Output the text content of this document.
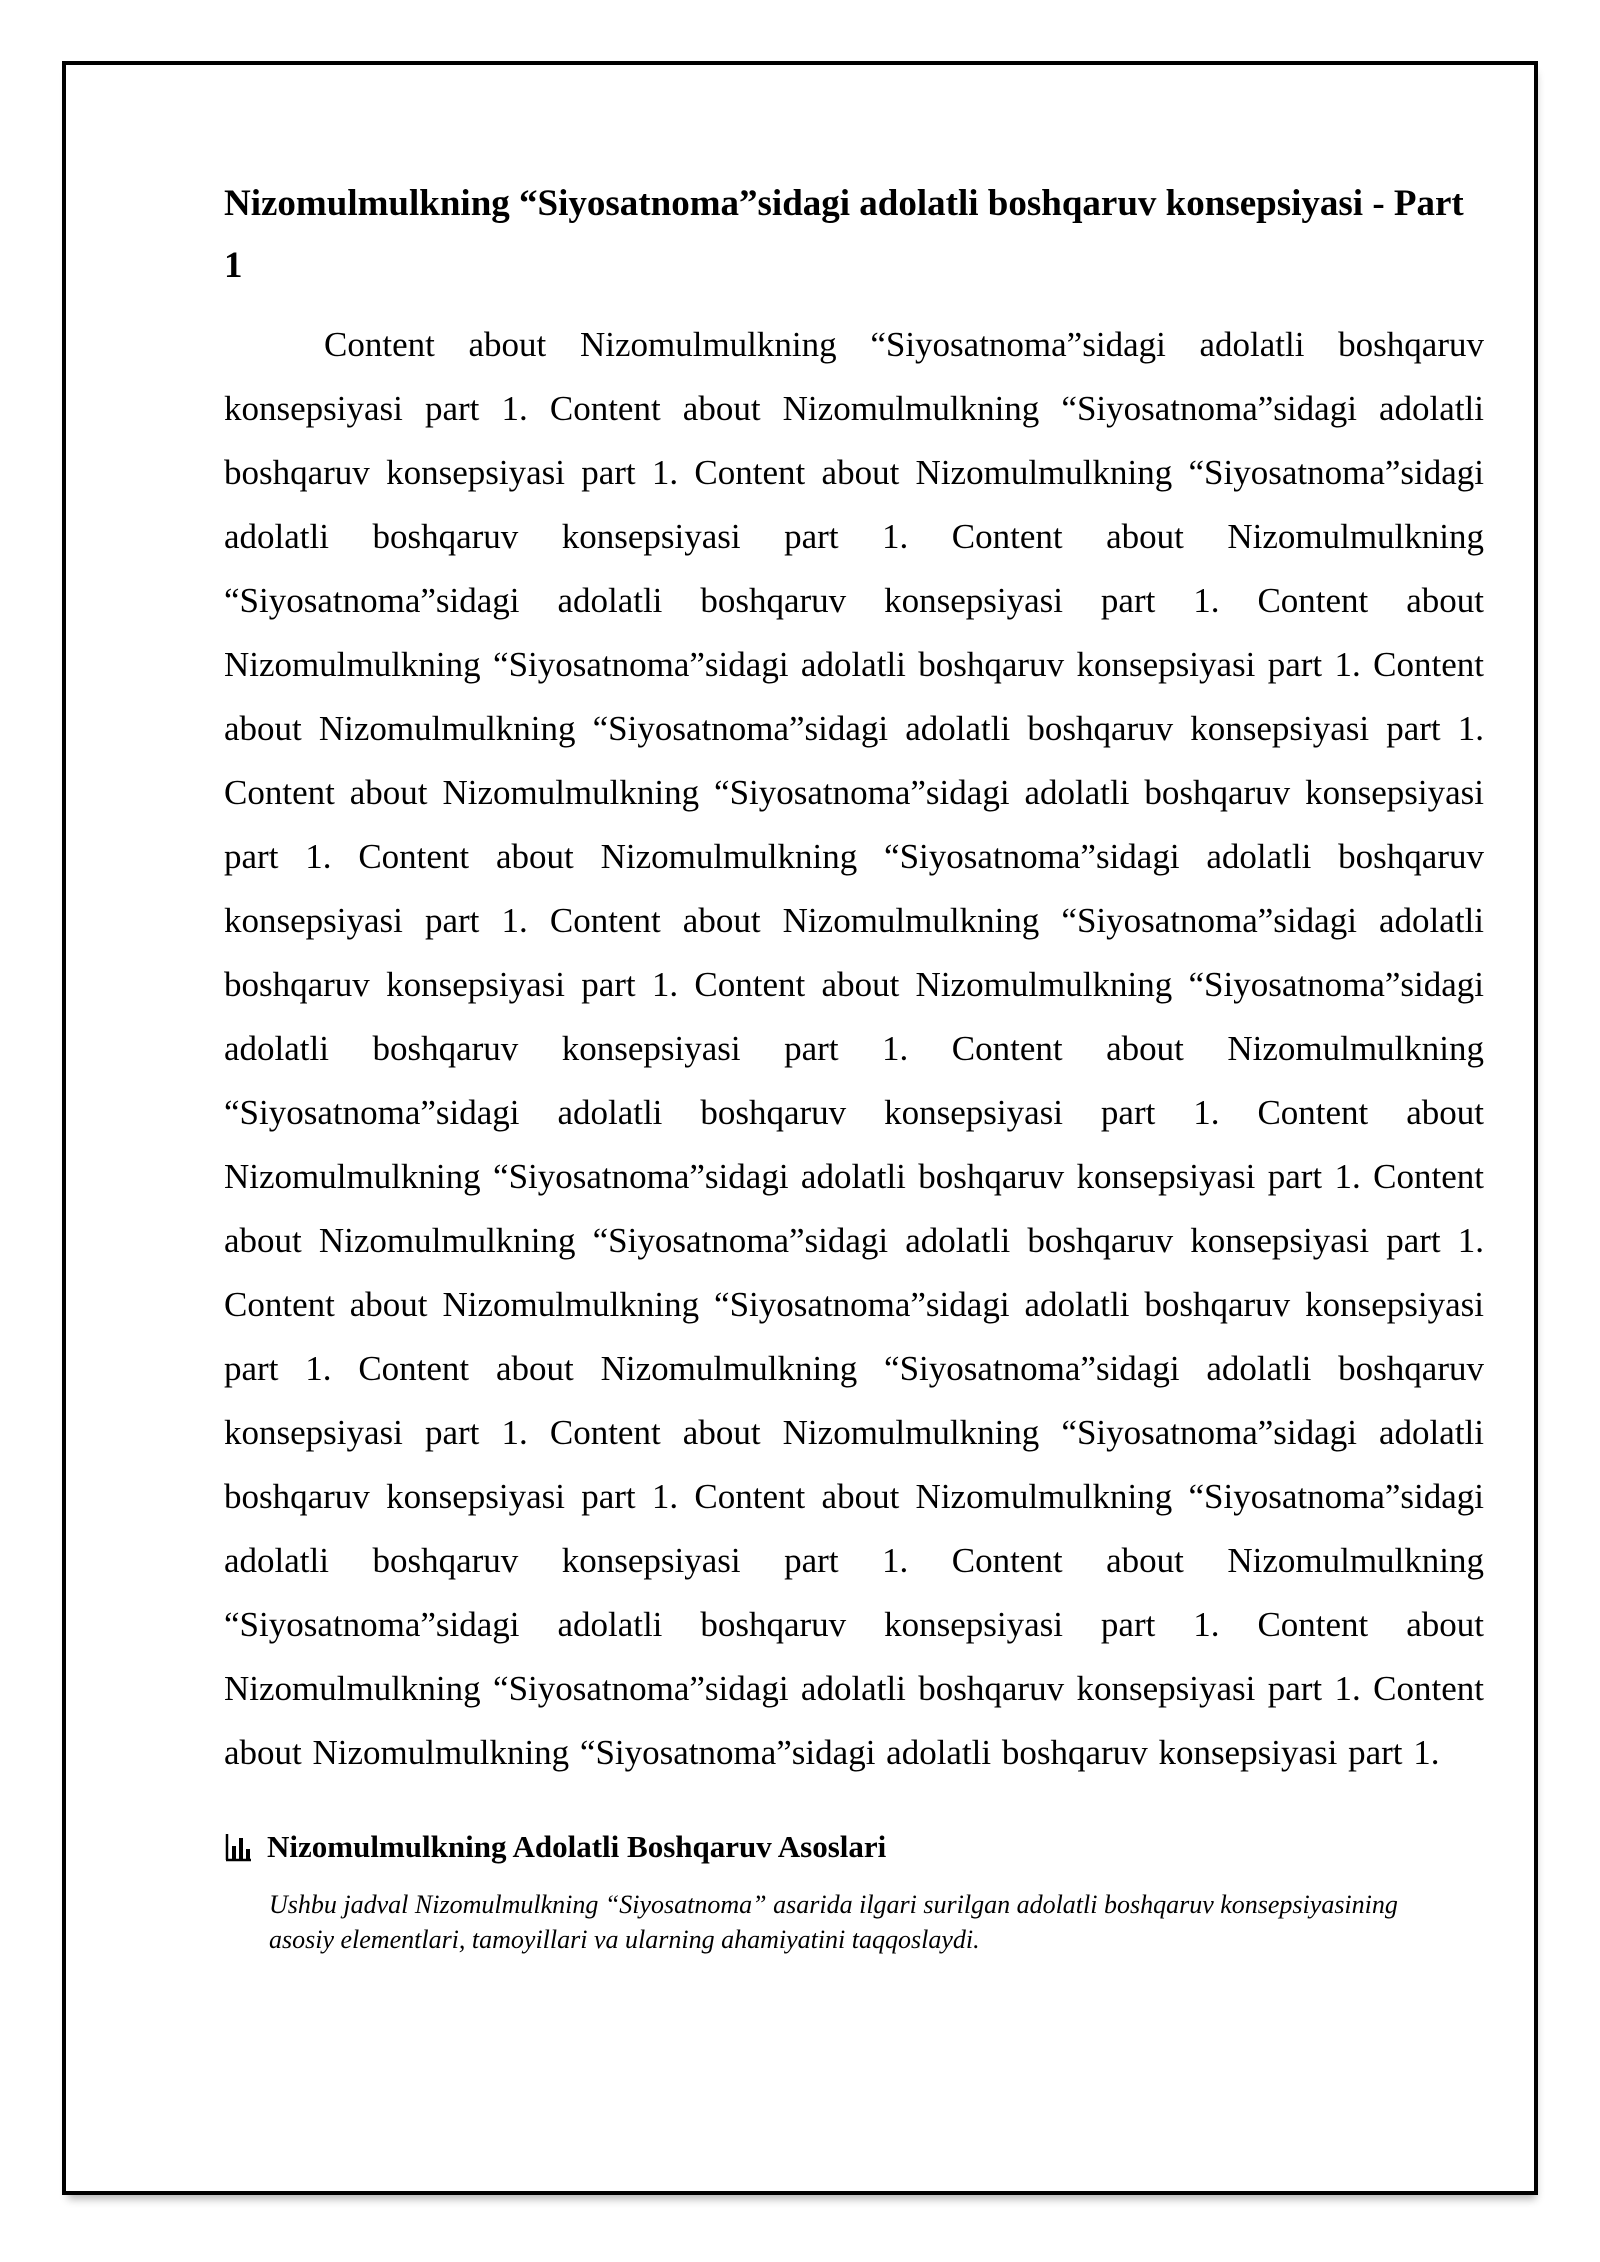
Nizomulmulkning “Siyosatnoma”sidagi adolatli boshqaruv konsepsiyasi - Part 1

Content about Nizomulmulkning “Siyosatnoma”sidagi adolatli boshqaruv konsepsiyasi part 1. Content about Nizomulmulkning “Siyosatnoma”sidagi adolatli boshqaruv konsepsiyasi part 1. Content about Nizomulmulkning “Siyosatnoma”sidagi adolatli boshqaruv konsepsiyasi part 1. Content about Nizomulmulkning “Siyosatnoma”sidagi adolatli boshqaruv konsepsiyasi part 1. Content about Nizomulmulkning “Siyosatnoma”sidagi adolatli boshqaruv konsepsiyasi part 1. Content about Nizomulmulkning “Siyosatnoma”sidagi adolatli boshqaruv konsepsiyasi part 1. Content about Nizomulmulkning “Siyosatnoma”sidagi adolatli boshqaruv konsepsiyasi part 1. Content about Nizomulmulkning “Siyosatnoma”sidagi adolatli boshqaruv konsepsiyasi part 1. Content about Nizomulmulkning “Siyosatnoma”sidagi adolatli boshqaruv konsepsiyasi part 1. Content about Nizomulmulkning “Siyosatnoma”sidagi adolatli boshqaruv konsepsiyasi part 1. Content about Nizomulmulkning “Siyosatnoma”sidagi adolatli boshqaruv konsepsiyasi part 1. Content about Nizomulmulkning “Siyosatnoma”sidagi adolatli boshqaruv konsepsiyasi part 1. Content about Nizomulmulkning “Siyosatnoma”sidagi adolatli boshqaruv konsepsiyasi part 1. Content about Nizomulmulkning “Siyosatnoma”sidagi adolatli boshqaruv konsepsiyasi part 1. Content about Nizomulmulkning “Siyosatnoma”sidagi adolatli boshqaruv konsepsiyasi part 1. Content about Nizomulmulkning “Siyosatnoma”sidagi adolatli boshqaruv konsepsiyasi part 1. Content about Nizomulmulkning “Siyosatnoma”sidagi adolatli boshqaruv konsepsiyasi part 1. Content about Nizomulmulkning “Siyosatnoma”sidagi adolatli boshqaruv konsepsiyasi part 1. Content about Nizomulmulkning “Siyosatnoma”sidagi adolatli boshqaruv konsepsiyasi part 1. Content about Nizomulmulkning “Siyosatnoma”sidagi adolatli boshqaruv konsepsiyasi part 1.

Nizomulmulkning Adolatli Boshqaruv Asoslari

Ushbu jadval Nizomulmulkning “Siyosatnoma” asarida ilgari surilgan adolatli boshqaruv konsepsiyasining asosiy elementlari, tamoyillari va ularning ahamiyatini taqqoslaydi.
